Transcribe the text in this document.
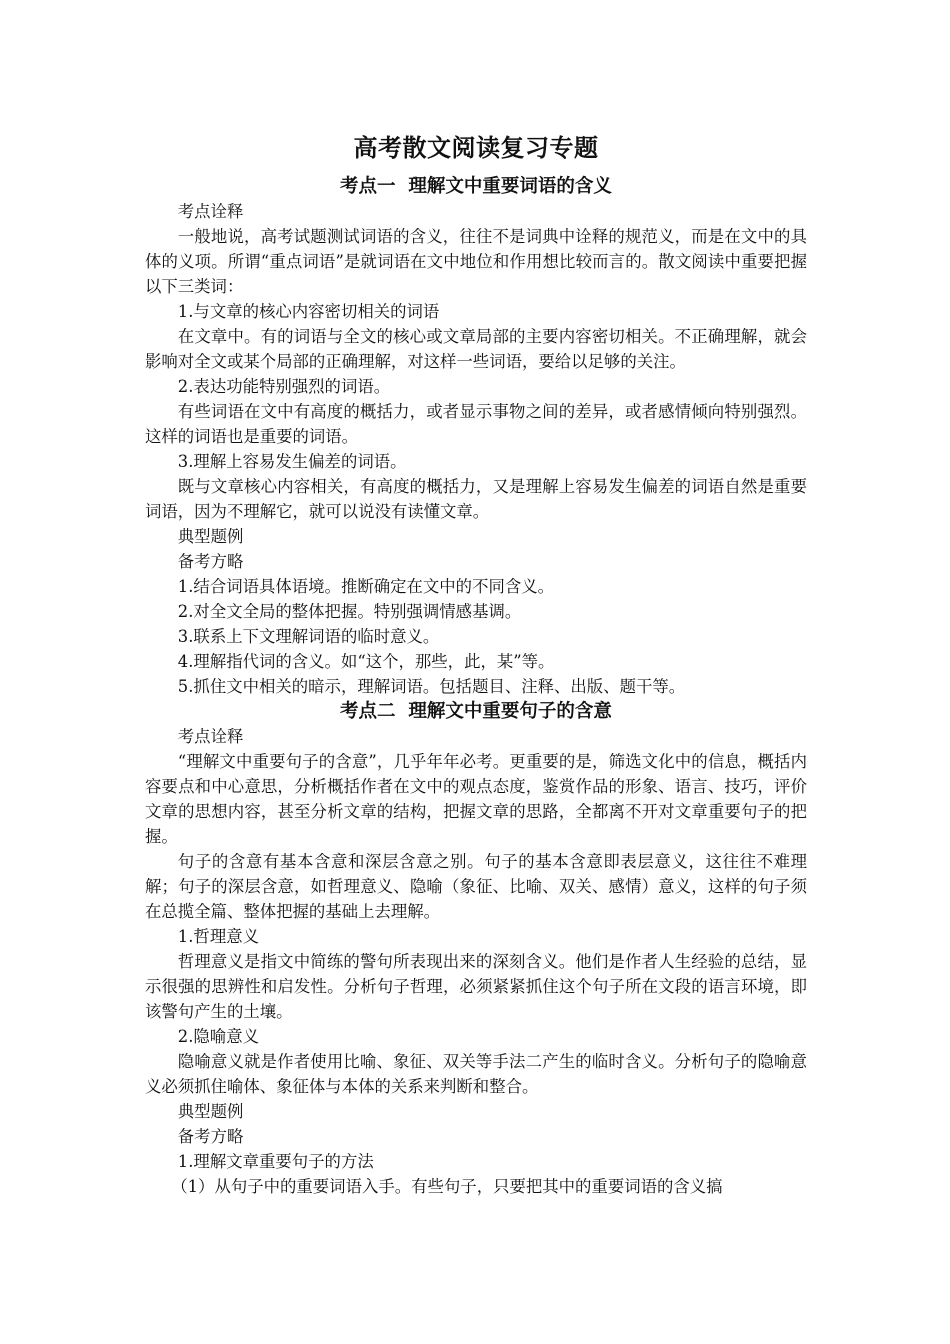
高考散文阅读复习专题
考点一  理解文中重要词语的含义
考点诠释
一般地说，高考试题测试词语的含义，往往不是词典中诠释的规范义，而是在文中的具体的义项。所谓“重点词语”是就词语在文中地位和作用想比较而言的。散文阅读中重要把握以下三类词：
1.与文章的核心内容密切相关的词语
在文章中。有的词语与全文的核心或文章局部的主要内容密切相关。不正确理解，就会影响对全文或某个局部的正确理解，对这样一些词语，要给以足够的关注。
2.表达功能特别强烈的词语。
有些词语在文中有高度的概括力，或者显示事物之间的差异，或者感情倾向特别强烈。这样的词语也是重要的词语。
3.理解上容易发生偏差的词语。
既与文章核心内容相关，有高度的概括力，又是理解上容易发生偏差的词语自然是重要词语，因为不理解它，就可以说没有读懂文章。
典型题例
备考方略
1.结合词语具体语境。推断确定在文中的不同含义。
2.对全文全局的整体把握。特别强调情感基调。
3.联系上下文理解词语的临时意义。
4.理解指代词的含义。如“这个，那些，此，某”等。
5.抓住文中相关的暗示，理解词语。包括题目、注释、出版、题干等。
考点二  理解文中重要句子的含意
考点诠释
“理解文中重要句子的含意”，几乎年年必考。更重要的是，筛选文化中的信息，概括内容要点和中心意思，分析概括作者在文中的观点态度，鉴赏作品的形象、语言、技巧，评价文章的思想内容，甚至分析文章的结构，把握文章的思路，全都离不开对文章重要句子的把握。
句子的含意有基本含意和深层含意之别。句子的基本含意即表层意义，这往往不难理解；句子的深层含意，如哲理意义、隐喻（象征、比喻、双关、感情）意义，这样的句子须在总揽全篇、整体把握的基础上去理解。
1.哲理意义
哲理意义是指文中简练的警句所表现出来的深刻含义。他们是作者人生经验的总结，显示很强的思辨性和启发性。分析句子哲理，必须紧紧抓住这个句子所在文段的语言环境，即该警句产生的土壤。
2.隐喻意义
隐喻意义就是作者使用比喻、象征、双关等手法二产生的临时含义。分析句子的隐喻意义必须抓住喻体、象征体与本体的关系来判断和整合。
典型题例
备考方略
1.理解文章重要句子的方法
（1）从句子中的重要词语入手。有些句子，只要把其中的重要词语的含义搞
